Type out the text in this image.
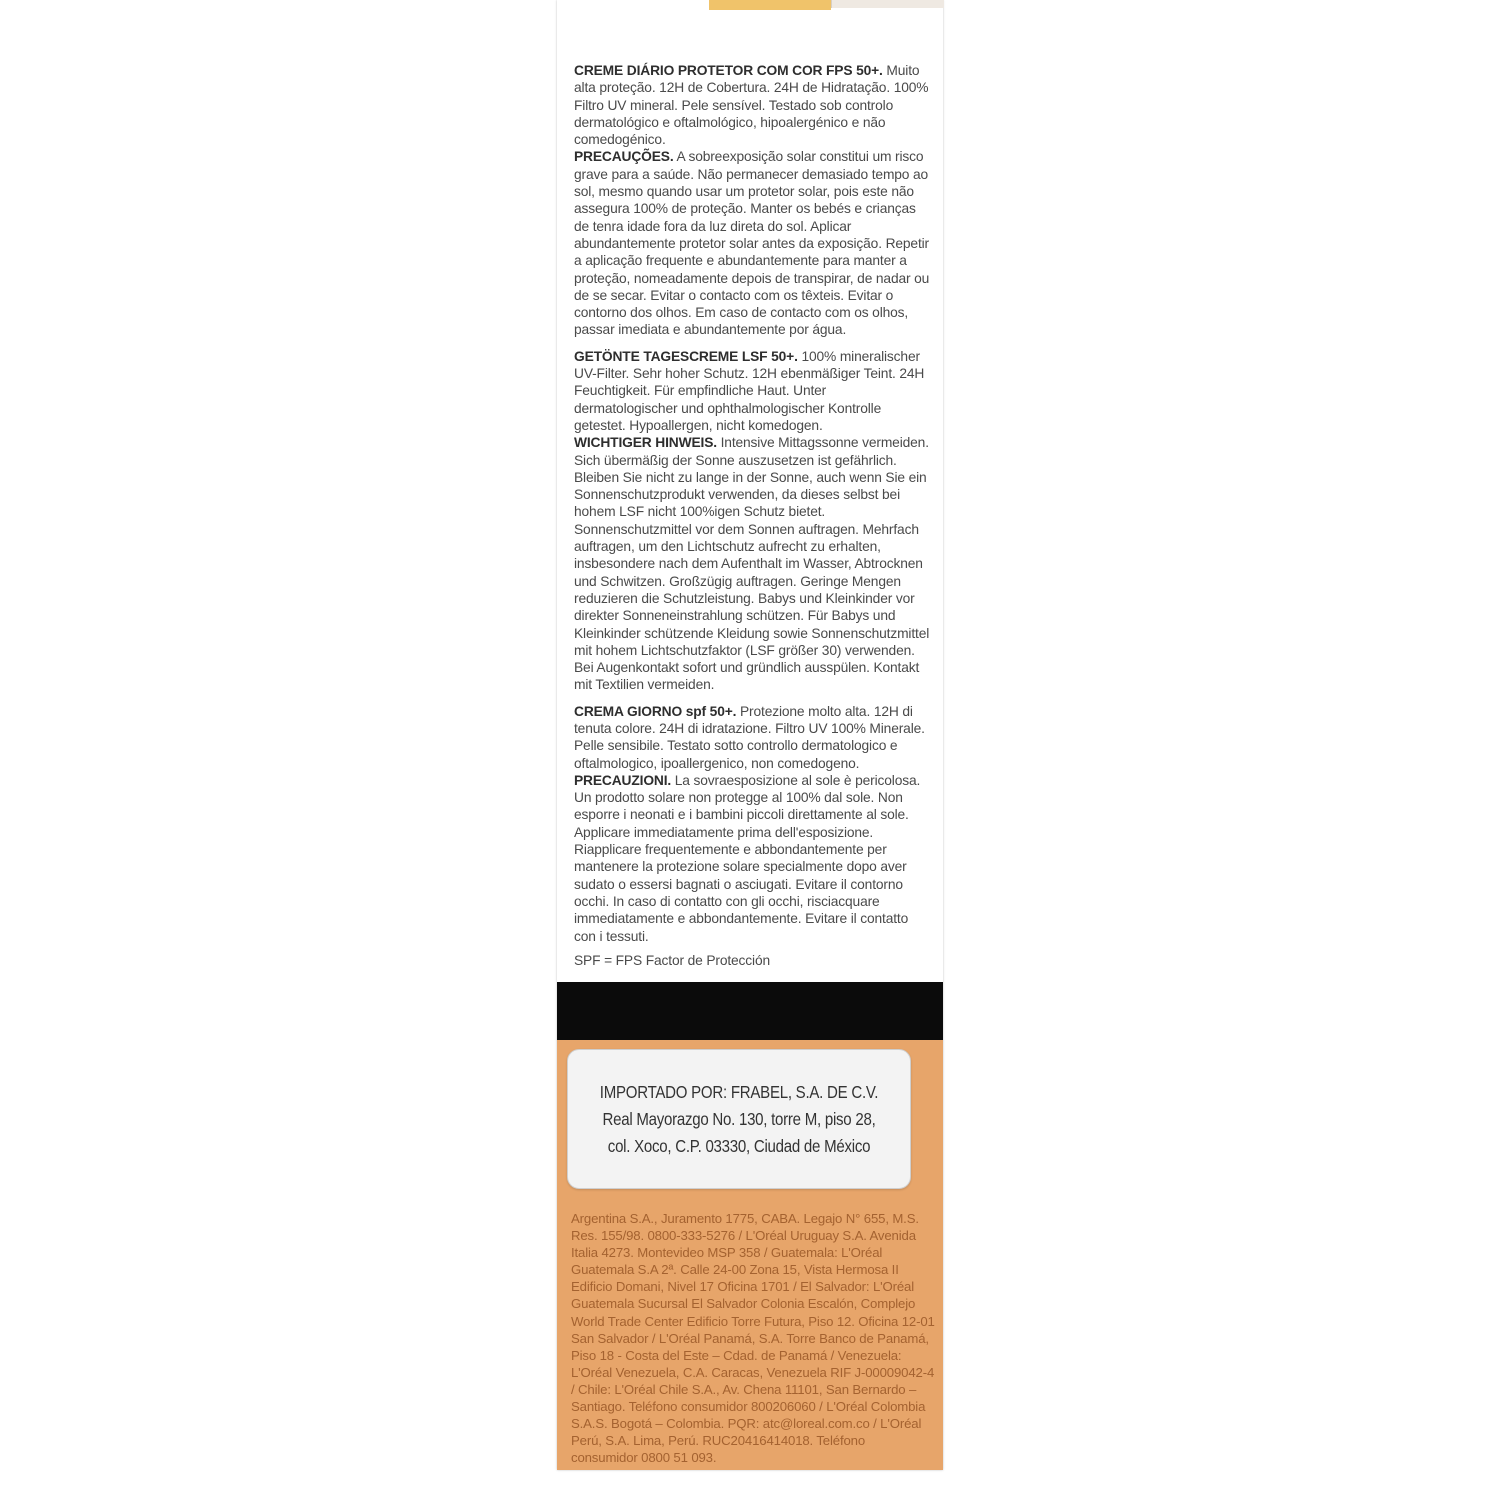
CREME DIÁRIO PROTETOR COM COR FPS 50+. Muito alta proteção. 12H de Cobertura. 24H de Hidratação. 100% Filtro UV mineral. Pele sensível. Testado sob controlo dermatológico e oftalmológico, hipoalergénico e não comedogénico.

PRECAUÇÕES. A sobreexposição solar constitui um risco grave para a saúde. Não permanecer demasiado tempo ao sol, mesmo quando usar um protetor solar, pois este não assegura 100% de proteção. Manter os bebés e crianças de tenra idade fora da luz direta do sol. Aplicar abundantemente protetor solar antes da exposição. Repetir a aplicação frequente e abundantemente para manter a proteção, nomeadamente depois de transpirar, de nadar ou de se secar. Evitar o contacto com os têxteis. Evitar o contorno dos olhos. Em caso de contacto com os olhos, passar imediata e abundantemente por água.

GETÖNTE TAGESCREME LSF 50+. 100% mineralischer UV-Filter. Sehr hoher Schutz. 12H ebenmäßiger Teint. 24H Feuchtigkeit. Für empfindliche Haut. Unter dermatologischer und ophthalmologischer Kontrolle getestet. Hypoallergen, nicht komedogen.

WICHTIGER HINWEIS. Intensive Mittagssonne vermeiden. Sich übermäßig der Sonne auszusetzen ist gefährlich. Bleiben Sie nicht zu lange in der Sonne, auch wenn Sie ein Sonnenschutzprodukt verwenden, da dieses selbst bei hohem LSF nicht 100%igen Schutz bietet. Sonnenschutzmittel vor dem Sonnen auftragen. Mehrfach auftragen, um den Lichtschutz aufrecht zu erhalten, insbesondere nach dem Aufenthalt im Wasser, Abtrocknen und Schwitzen. Großzügig auftragen. Geringe Mengen reduzieren die Schutzleistung. Babys und Kleinkinder vor direkter Sonneneinstrahlung schützen. Für Babys und Kleinkinder schützende Kleidung sowie Sonnenschutzmittel mit hohem Lichtschutzfaktor (LSF größer 30) verwenden. Bei Augenkontakt sofort und gründlich ausspülen. Kontakt mit Textilien vermeiden.

CREMA GIORNO spf 50+. Protezione molto alta. 12H di tenuta colore. 24H di idratazione. Filtro UV 100% Minerale. Pelle sensibile. Testato sotto controllo dermatologico e oftalmologico, ipoallergenico, non comedogeno.

PRECAUZIONI. La sovraesposizione al sole è pericolosa. Un prodotto solare non protegge al 100% dal sole. Non esporre i neonati e i bambini piccoli direttamente al sole. Applicare immediatamente prima dell'esposizione. Riapplicare frequentemente e abbondantemente per mantenere la protezione solare specialmente dopo aver sudato o essersi bagnati o asciugati. Evitare il contorno occhi. In caso di contatto con gli occhi, risciacquare immediatamente e abbondantemente. Evitare il contatto con i tessuti.

SPF = FPS Factor de Protección

Argentina S.A., Juramento 1775, CABA. Legajo N° 655, M.S. Res. 155/98. 0800-333-5276 / L'Oréal Uruguay S.A. Avenida Italia 4273. Montevideo MSP 358 / Guatemala: L'Oréal Guatemala S.A 2ª. Calle 24-00 Zona 15, Vista Hermosa II Edificio Domani, Nivel 17 Oficina 1701 / El Salvador: L'Oréal Guatemala Sucursal El Salvador Colonia Escalón, Complejo World Trade Center Edificio Torre Futura, Piso 12. Oficina 12-01 San Salvador / L'Oréal Panamá, S.A. Torre Banco de Panamá, Piso 18 - Costa del Este – Cdad. de Panamá / Venezuela: L'Oréal Venezuela, C.A. Caracas, Venezuela RIF J-00009042-4 / Chile: L'Oréal Chile S.A., Av. Chena 11101, San Bernardo – Santiago. Teléfono consumidor 800206060 / L'Oréal Colombia S.A.S. Bogotá – Colombia. PQR: atc@loreal.com.co / L'Oréal Perú, S.A. Lima, Perú. RUC20416414018. Teléfono consumidor 0800 51 093.

IMPORTADO POR: FRABEL, S.A. DE C.V.
Real Mayorazgo No. 130, torre M, piso 28,
col. Xoco, C.P. 03330, Ciudad de México
